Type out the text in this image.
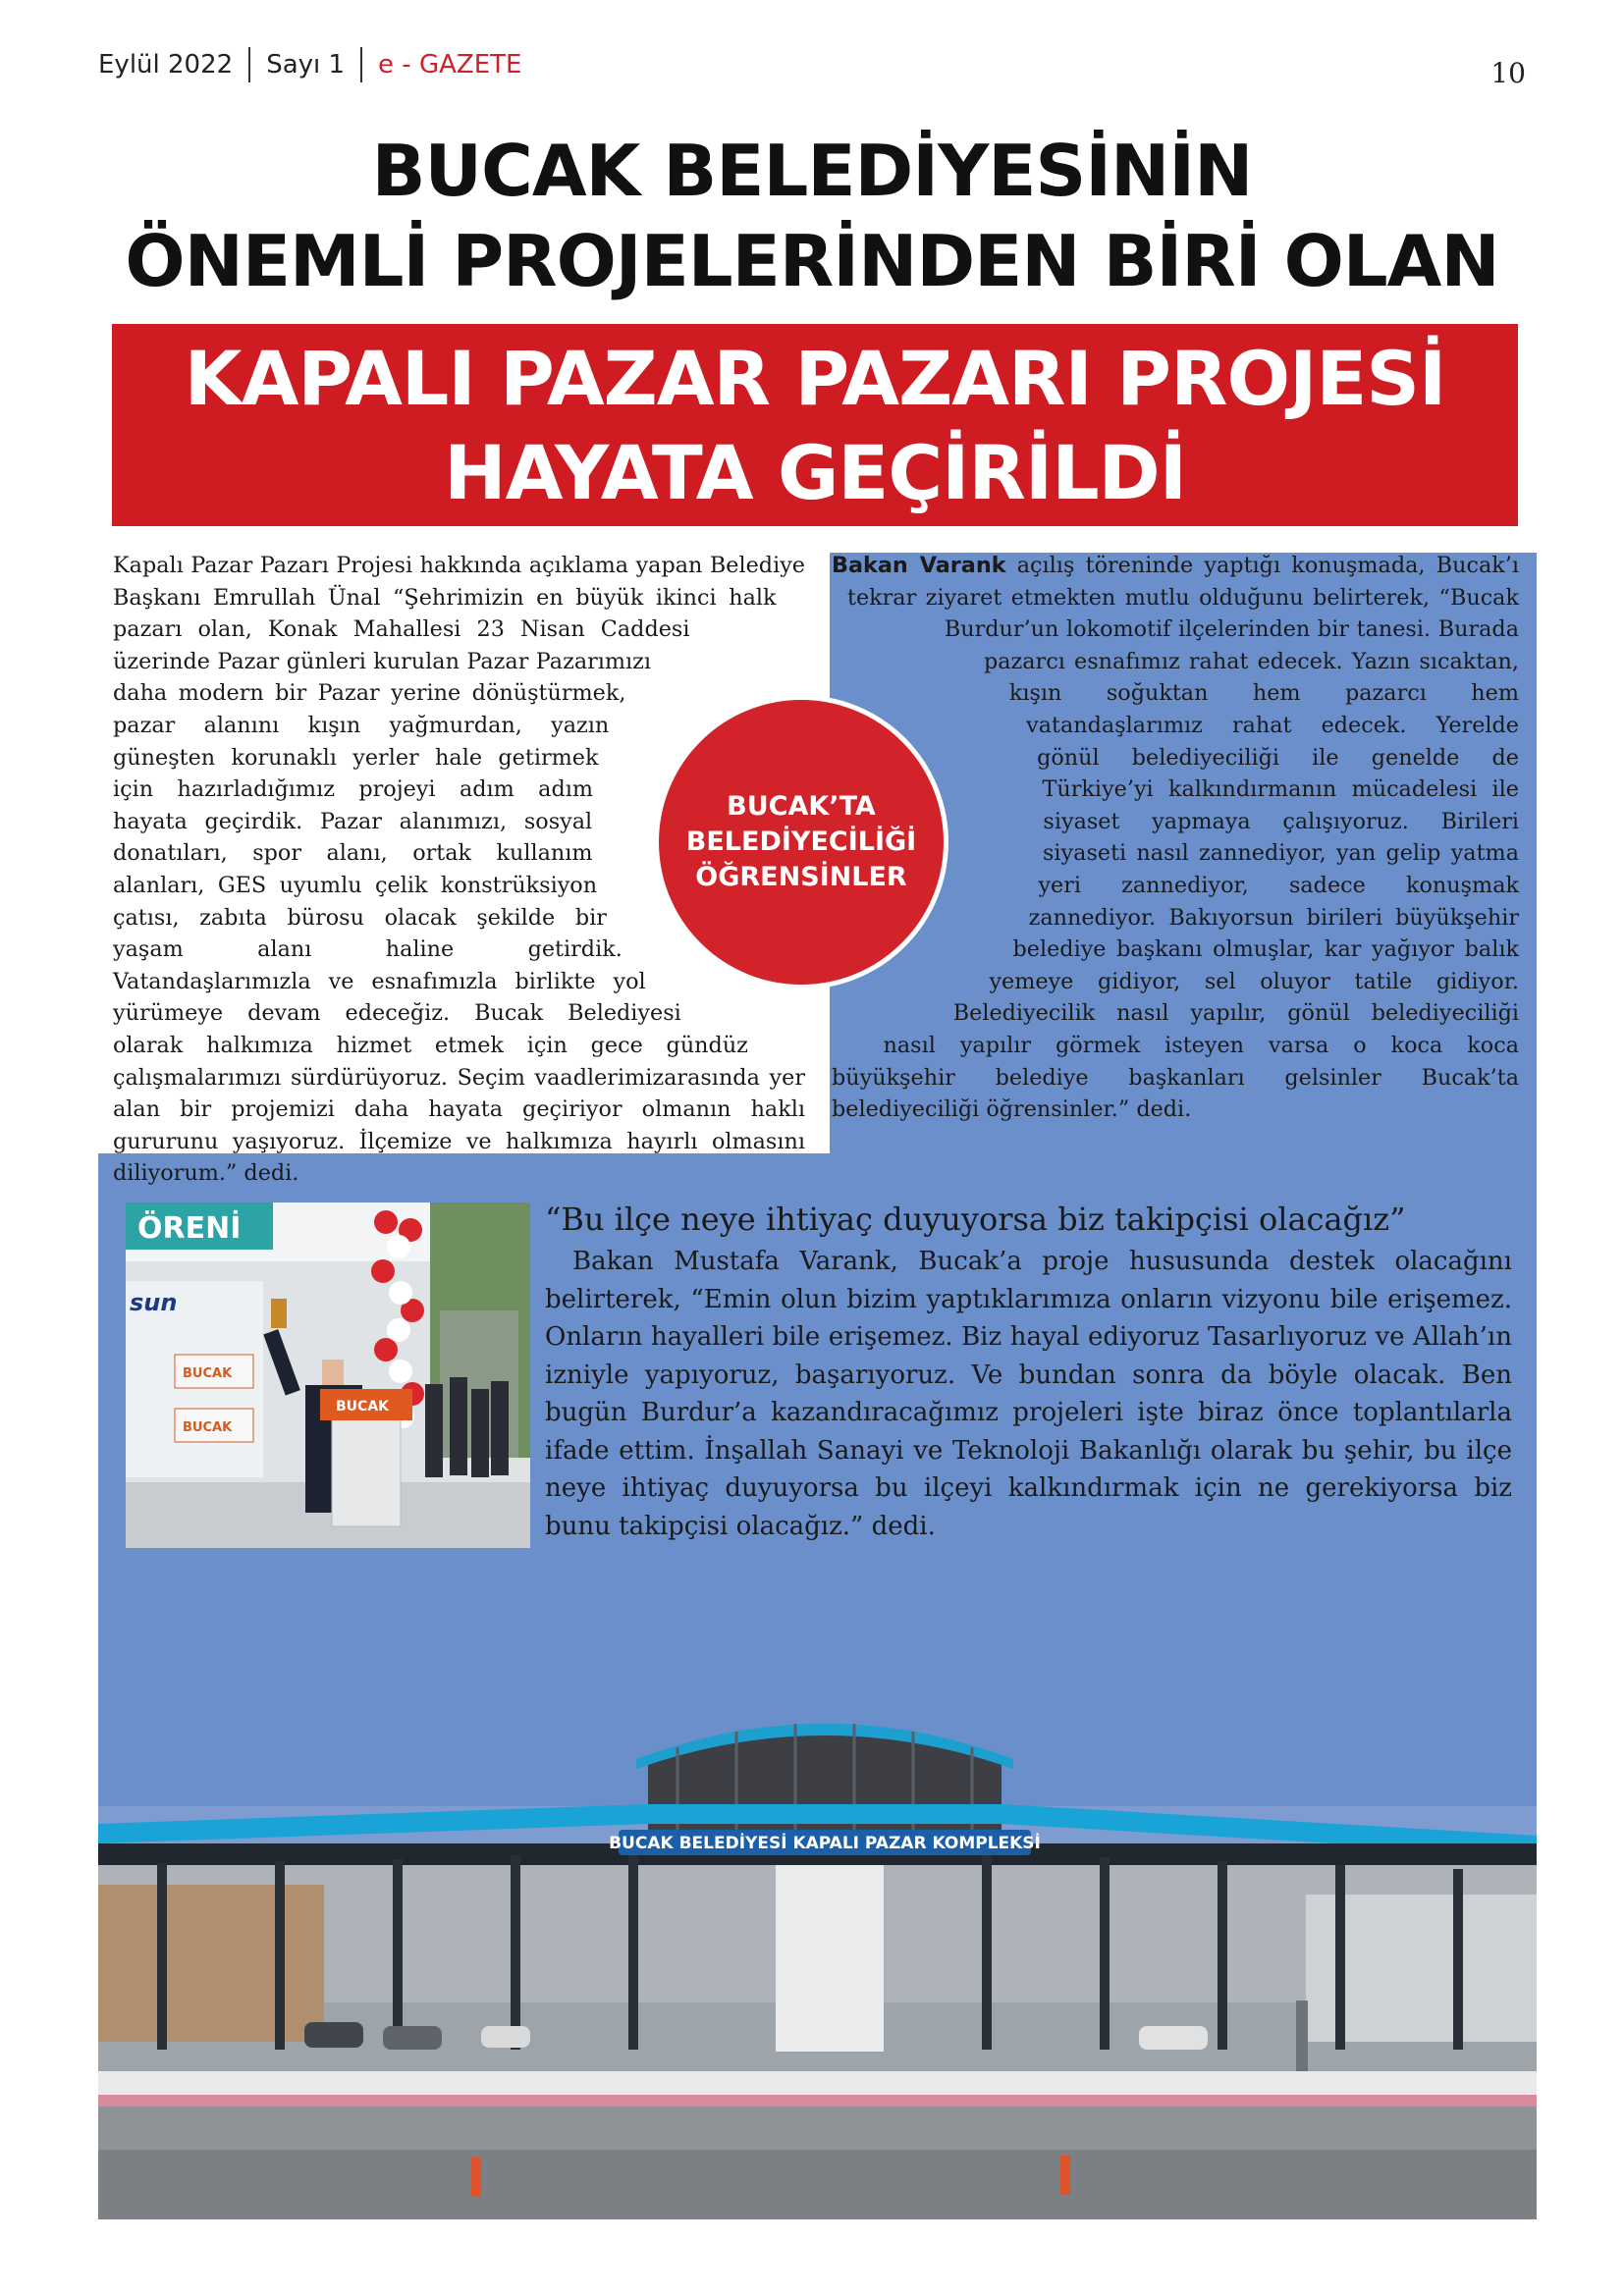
Eylül 2022 Sayı 1 e - GAZETE	10
BUCAK BELEDİYESİNİN
ÖNEMLİ PROJELERİNDEN BİRİ OLAN
KAPALI PAZAR PAZARI PROJESİ
HAYATA GEÇİRİLDİ

Kapalı Pazar Pazarı Projesi hakkında açıklama yapan Belediye Başkanı Emrullah Ünal “Şehrimizin en büyük ikinci halk pazarı olan, Konak Mahallesi 23 Nisan Caddesi üzerinde Pazar günleri kurulan Pazar Pazarımızı daha modern bir Pazar yerine dönüştürmek, pazar alanını kışın yağmurdan, yazın güneşten korunaklı yerler hale getirmek için hazırladığımız projeyi adım adım hayata geçirdik. Pazar alanımızı, sosyal donatıları, spor alanı, ortak kullanım alanları, GES uyumlu çelik konstrüksiyon çatısı, zabıta bürosu olacak şekilde bir yaşam alanı haline getirdik. Vatandaşlarımızla ve esnafımızla birlikte yol yürümeye devam edeceğiz. Bucak Belediyesi olarak halkımıza hizmet etmek için gece gündüz çalışmalarımızı sürdürüyoruz. Seçim vaadlerimizarasında yer alan bir projemizi daha hayata geçiriyor olmanın haklı gururunu yaşıyoruz. İlçemize ve halkımıza hayırlı olmasını diliyorum.” dedi.

Bakan Varank açılış töreninde yaptığı konuşmada, Bucak’ı tekrar ziyaret etmekten mutlu olduğunu belirterek, “Bucak Burdur’un lokomotif ilçelerinden bir tanesi. Burada pazarcı esnafımız rahat edecek. Yazın sıcaktan, kışın soğuktan hem pazarcı hem vatandaşlarımız rahat edecek. Yerelde gönül belediyeciliği ile genelde de Türkiye’yi kalkındırmanın mücadelesi ile siyaset yapmaya çalışıyoruz. Birileri siyaseti nasıl zannediyor, yan gelip yatma yeri zannediyor, sadece konuşmak zannediyor. Bakıyorsun birileri büyükşehir belediye başkanı olmuşlar, kar yağıyor balık yemeye gidiyor, sel oluyor tatile gidiyor. Belediyecilik nasıl yapılır, gönül belediyeciliği nasıl yapılır görmek isteyen varsa o koca koca büyükşehir belediye başkanları gelsinler Bucak’ta belediyeciliği öğrensinler.” dedi.

BUCAK’TA
BELEDİYECİLİĞİ
ÖĞRENSİNLER
ÖRENİ
sun
BUCAK
BUCAK
BUCAK

“Bu ilçe neye ihtiyaç duyuyorsa biz takipçisi olacağız”

Bakan Mustafa Varank, Bucak’a proje hususunda destek olacağını belirterek, “Emin olun bizim yaptıklarımıza onların vizyonu bile erişemez. Onların hayalleri bile erişemez. Biz hayal ediyoruz Tasarlıyoruz ve Allah’ın izniyle yapıyoruz, başarıyoruz. Ve bundan sonra da böyle olacak. Ben bugün Burdur’a kazandıracağımız projeleri işte biraz önce toplantılarla ifade ettim. İnşallah Sanayi ve Teknoloji Bakanlığı olarak bu şehir, bu ilçe neye ihtiyaç duyuyorsa bu ilçeyi kalkındırmak için ne gerekiyorsa biz bunu takipçisi olacağız.” dedi.

BUCAK BELEDİYESİ KAPALI PAZAR KOMPLEKSİ
